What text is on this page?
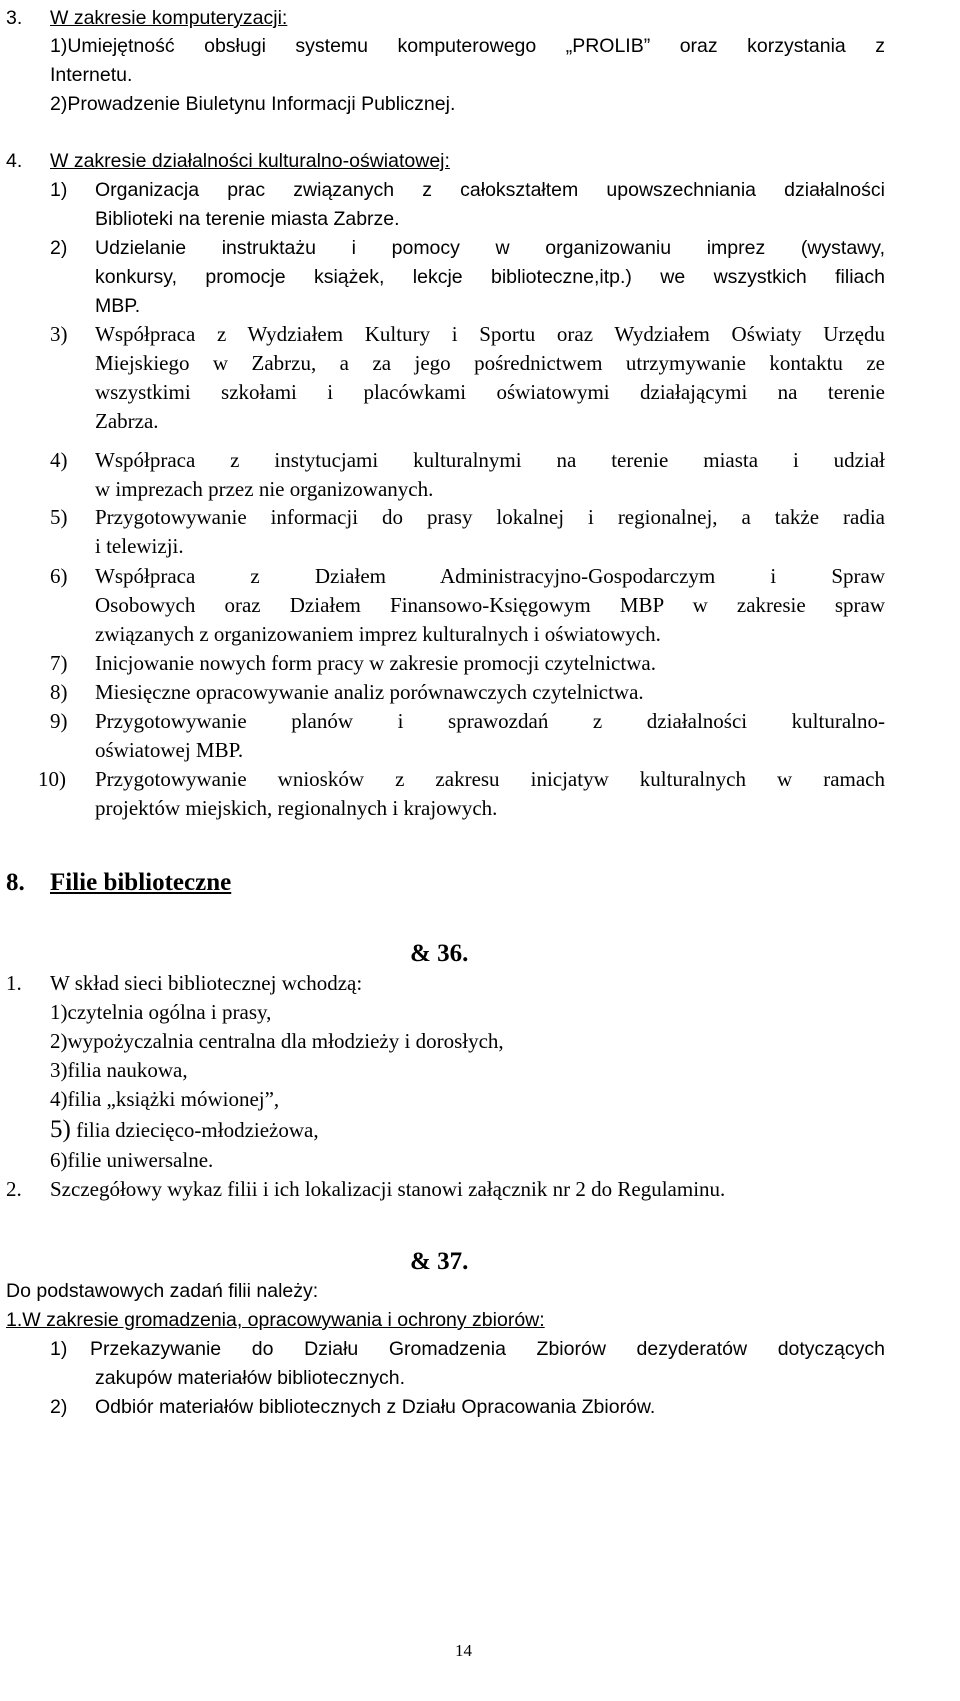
3. W zakresie komputeryzacji:
1)Umiejętność obsługi systemu komputerowego „PROLIB” oraz korzystania z
Internetu.
2)Prowadzenie Biuletynu Informacji Publicznej.
4. W zakresie działalności kulturalno-oświatowej:
1) Organizacja prac związanych z całokształtem upowszechniania działalności
Biblioteki na terenie miasta Zabrze.
2) Udzielanie instruktażu i pomocy w organizowaniu imprez (wystawy,
konkursy, promocje książek, lekcje biblioteczne,itp.) we wszystkich filiach
MBP.
3) Współpraca z Wydziałem Kultury i Sportu oraz Wydziałem Oświaty Urzędu
Miejskiego w Zabrzu, a za jego pośrednictwem utrzymywanie kontaktu ze
wszystkimi szkołami i placówkami oświatowymi działającymi na terenie
Zabrza.
4) Współpraca z instytucjami kulturalnymi na terenie miasta i udział
w imprezach przez nie organizowanych.
5) Przygotowywanie informacji do prasy lokalnej i regionalnej, a także radia
i telewizji.
6) Współpraca z Działem Administracyjno-Gospodarczym i Spraw
Osobowych oraz Działem Finansowo-Księgowym MBP w zakresie spraw
związanych z organizowaniem imprez kulturalnych i oświatowych.
7) Inicjowanie nowych form pracy w zakresie promocji czytelnictwa.
8) Miesięczne opracowywanie analiz porównawczych czytelnictwa.
9) Przygotowywanie planów i sprawozdań z działalności kulturalno-
oświatowej MBP.
10) Przygotowywanie wniosków z zakresu inicjatyw kulturalnych w ramach
projektów miejskich, regionalnych i krajowych.
8. Filie biblioteczne
& 36.
1. W skład sieci bibliotecznej wchodzą:
1)czytelnia ogólna i prasy,
2)wypożyczalnia centralna dla młodzieży i dorosłych,
3)filia naukowa,
4)filia „książki mówionej”,
5) filia dziecięco-młodzieżowa,
6)filie uniwersalne.
2. Szczegółowy wykaz filii i ich lokalizacji stanowi załącznik nr 2 do Regulaminu.
& 37.
Do podstawowych zadań filii należy:
1.W zakresie gromadzenia, opracowywania i ochrony zbiorów:
1) Przekazywanie do Działu Gromadzenia Zbiorów dezyderatów dotyczących
zakupów materiałów bibliotecznych.
2) Odbiór materiałów bibliotecznych z Działu Opracowania Zbiorów.
14
